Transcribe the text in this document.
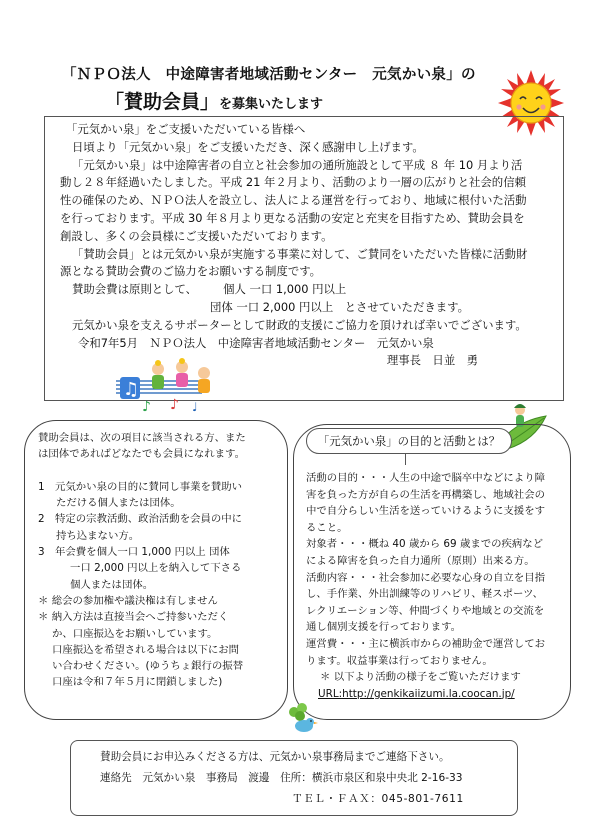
「ＮＰＯ法人　中途障害者地域活動センター　元気かい泉」の
「賛助会員」を募集いたします

「元気かい泉」をご支援いただいている皆様へ

日頃より「元気かい泉」をご支援いただき、深く感謝申し上げます。

「元気かい泉」は中途障害者の自立と社会参加の通所施設として平成 ８ 年 10 月より活

動し２８年経過いたしました。平成 21 年２月より、活動のより一層の広がりと社会的信頼

性の確保のため、ＮＰＯ法人を設立し、法人による運営を行っており、地域に根付いた活動

を行っております。平成 30 年８月より更なる活動の安定と充実を目指すため、賛助会員を

創設し、多くの会員様にご支援いただいております。

「賛助会員」とは元気かい泉が実施する事業に対して、ご賛同をいただいた皆様に活動財

源となる賛助会費のご協力をお願いする制度です。

賛助会費は原則として、 個人 一口 1,000 円以上

団体 一口 2,000 円以上　とさせていただきます。

元気かい泉を支えるサポーターとして財政的支援にご協力を頂ければ幸いでございます。

令和7年5月　ＮＰＯ法人　中途障害者地域活動センター　元気かい泉

理事長　日並　勇

♫
♪ ♪ ♩

賛助会員は、次の項目に該当される方、また

は団体であればどなたでも会員になれます。

1　元気かい泉の目的に賛同し事業を賛助い

ただける個人または団体。

2　特定の宗教活動、政治活動を会員の中に

持ち込まない方。

3　年会費を個人一口 1,000 円以上 団体

一口 2,000 円以上を納入して下さる

個人または団体。

＊ 総会の参加権や議決権は有しません

＊ 納入方法は直接当会へご持参いただく

か、口座振込をお願いしています。

口座振込を希望される場合は以下にお問

い合わせください。(ゆうちょ銀行の振替

口座は令和７年５月に閉鎖しました)

「元気かい泉」の目的と活動とは？

活動の目的・・・人生の中途で脳卒中などにより障

害を負った方が自らの生活を再構築し、地域社会の

中で自分らしい生活を送っていけるように支援をす

ること。

対象者・・・概ね 40 歳から 69 歳までの疾病など

による障害を負った自力通所（原則）出来る方。

活動内容・・・社会参加に必要な心身の自立を目指

し、手作業、外出訓練等のリハビリ、軽スポーツ、

レクリエーション等、仲間づくりや地域との交流を

通し個別支援を行っております。

運営費・・・主に横浜市からの補助金で運営してお

ります。収益事業は行っておりません。

＊ 以下より活動の様子をご覧いただけます

URL:http://genkikaiizumi.la.coocan.jp/

賛助会員にお申込みくださる方は、元気かい泉事務局までご連絡下さい。

連絡先　元気かい泉　事務局　渡邊　住所：横浜市泉区和泉中央北 2-16-33

ＴＥＬ・ＦＡＸ：045-801-7611
